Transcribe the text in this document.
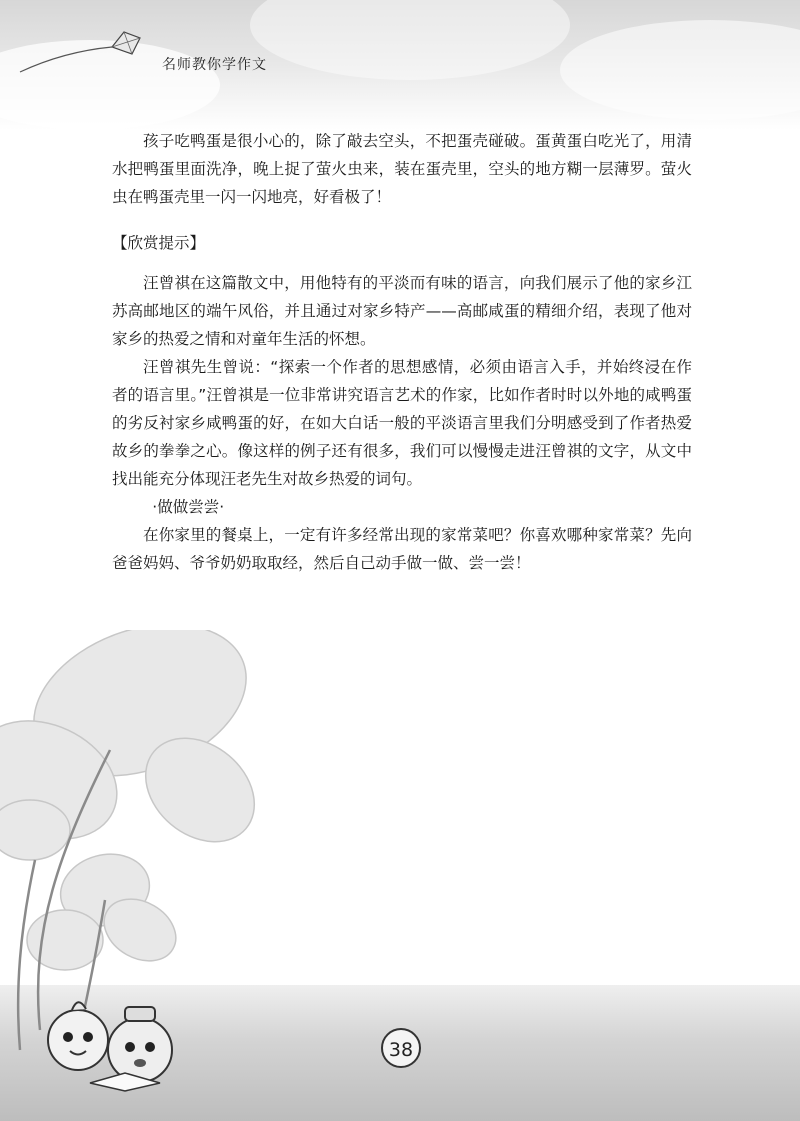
名师教你学作文

孩子吃鸭蛋是很小心的，除了敲去空头，不把蛋壳碰破。蛋黄蛋白吃光了，用清水把鸭蛋里面洗净，晚上捉了萤火虫来，装在蛋壳里，空头的地方糊一层薄罗。萤火虫在鸭蛋壳里一闪一闪地亮，好看极了！

【欣赏提示】

汪曾祺在这篇散文中，用他特有的平淡而有味的语言，向我们展示了他的家乡江苏高邮地区的端午风俗，并且通过对家乡特产——高邮咸蛋的精细介绍，表现了他对家乡的热爱之情和对童年生活的怀想。

汪曾祺先生曾说：“探索一个作者的思想感情，必须由语言入手，并始终浸在作者的语言里。”汪曾祺是一位非常讲究语言艺术的作家，比如作者时时以外地的咸鸭蛋的劣反衬家乡咸鸭蛋的好，在如大白话一般的平淡语言里我们分明感受到了作者热爱故乡的拳拳之心。像这样的例子还有很多，我们可以慢慢走进汪曾祺的文字，从文中找出能充分体现汪老先生对故乡热爱的词句。

·做做尝尝·

在你家里的餐桌上，一定有许多经常出现的家常菜吧？你喜欢哪种家常菜？先向爸爸妈妈、爷爷奶奶取取经，然后自己动手做一做、尝一尝！

38
